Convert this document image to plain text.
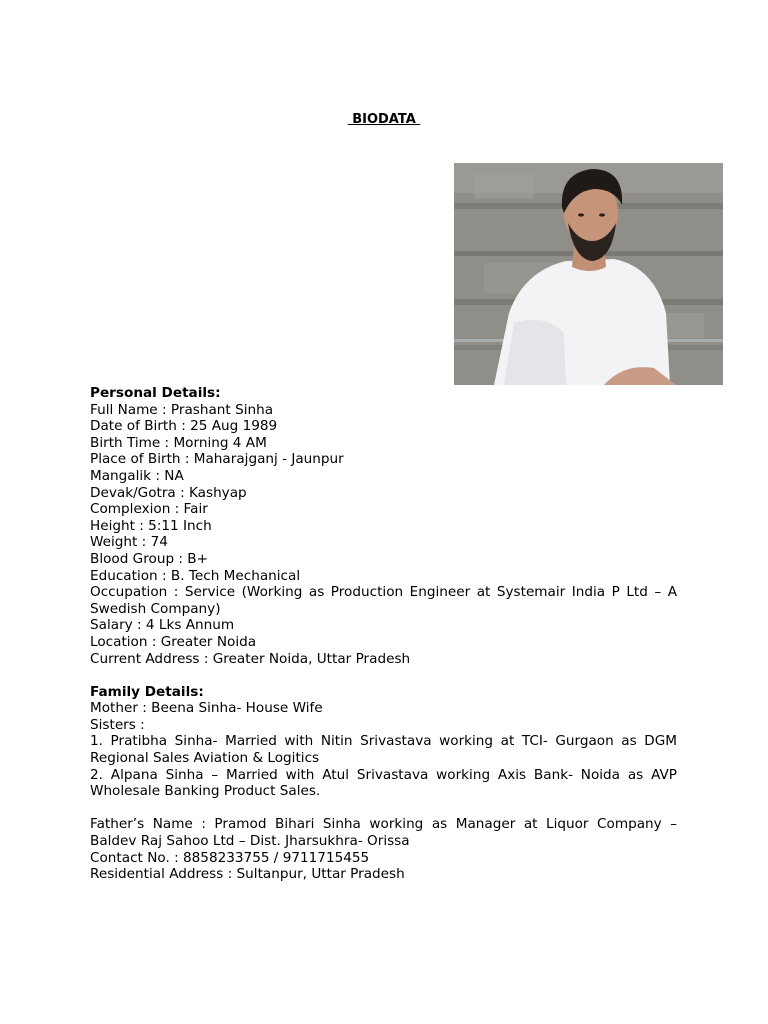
BIODATA
Personal Details:
Full Name : Prashant Sinha
Date of Birth : 25 Aug 1989
Birth Time : Morning 4 AM
Place of Birth : Maharajganj - Jaunpur
Mangalik : NA
Devak/Gotra : Kashyap
Complexion : Fair
Height : 5:11 Inch
Weight : 74
Blood Group : B+
Education : B. Tech Mechanical
Occupation : Service (Working as Production Engineer at Systemair India P Ltd – A Swedish Company)
Salary : 4 Lks Annum
Location : Greater Noida
Current Address : Greater Noida, Uttar Pradesh
Family Details:
Mother : Beena Sinha- House Wife
Sisters :
1. Pratibha Sinha- Married with Nitin Srivastava working at TCI- Gurgaon as DGM Regional Sales Aviation & Logitics
2. Alpana Sinha – Married with Atul Srivastava working Axis Bank- Noida as AVP Wholesale Banking Product Sales.
Father’s Name : Pramod Bihari Sinha working as Manager at Liquor Company – Baldev Raj Sahoo Ltd – Dist. Jharsukhra- Orissa
Contact No. : 8858233755 / 9711715455
Residential Address : Sultanpur, Uttar Pradesh
